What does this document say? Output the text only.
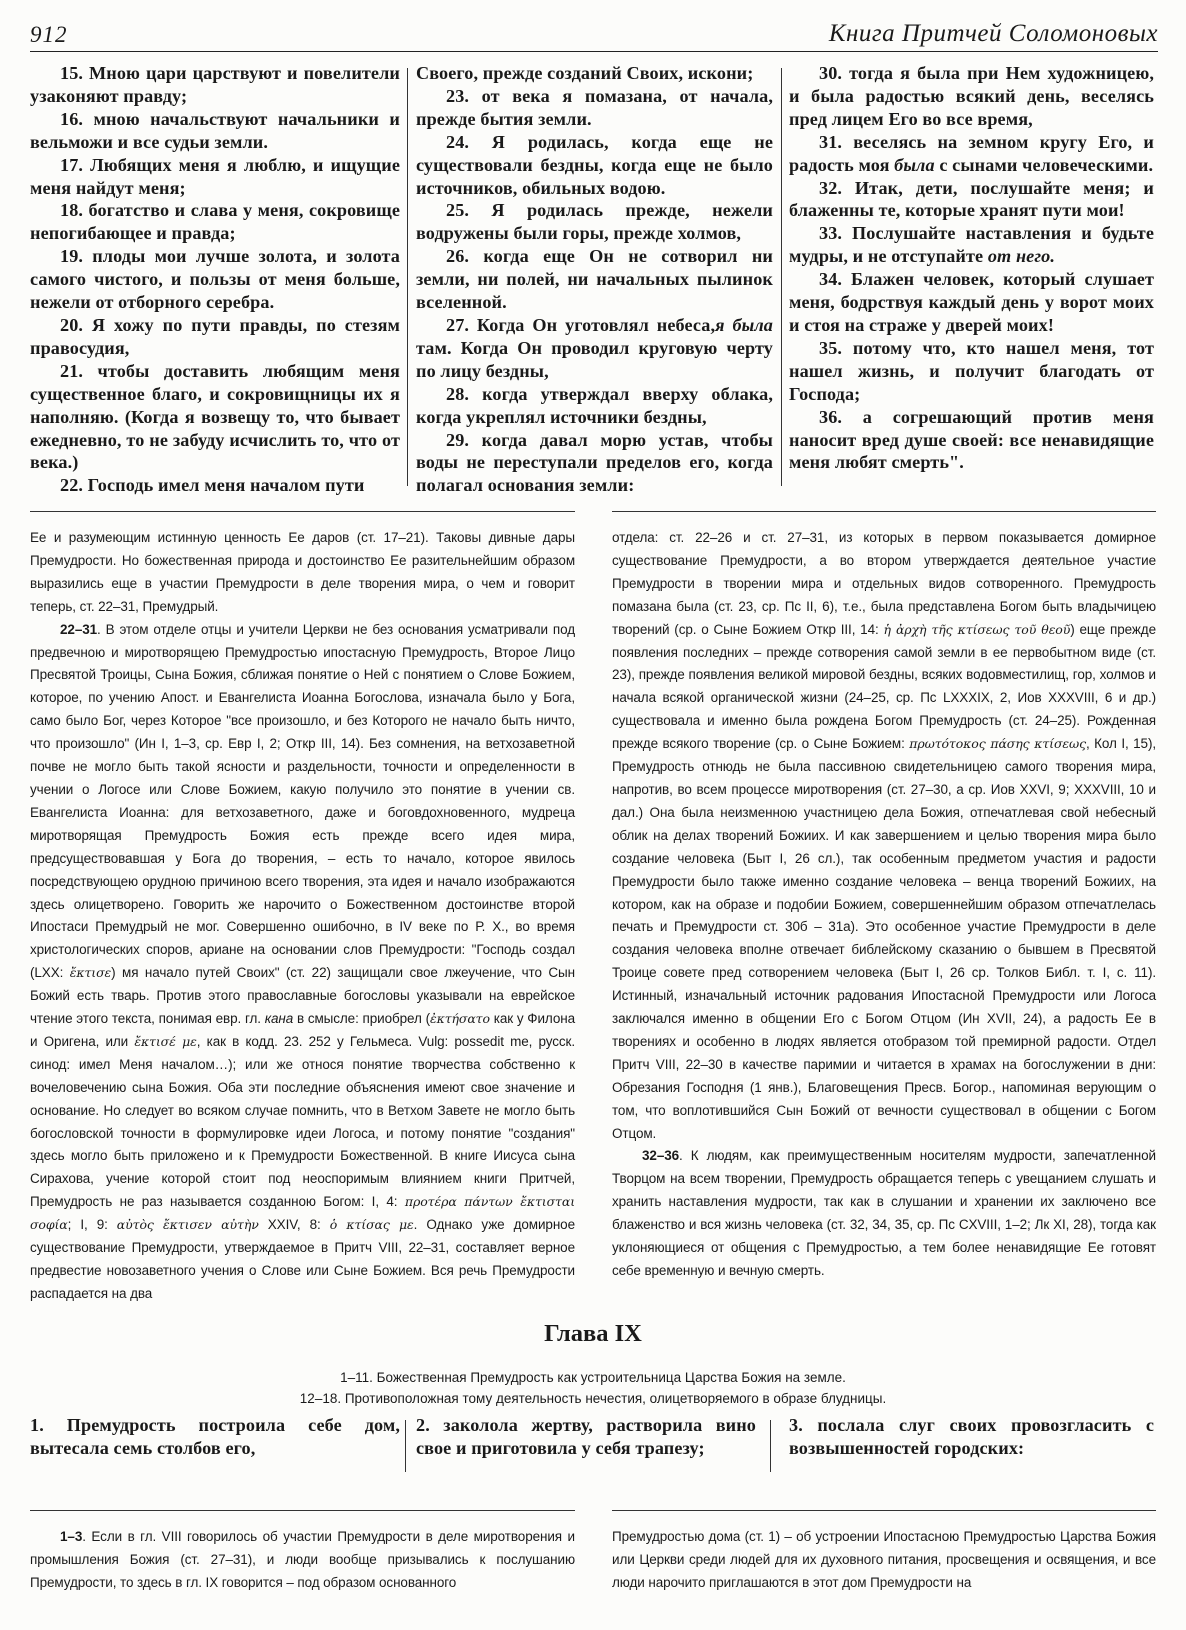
912	Книга Притчей Соломоновых

15. Мною цари царствуют и повелители узаконяют правду;

16. мною начальствуют начальники и вельможи и все судьи земли.

17. Любящих меня я люблю, и ищущие меня найдут меня;

18. богатство и слава у меня, сокровище непогибающее и правда;

19. плоды мои лучше золота, и золота самого чистого, и пользы от меня больше, нежели от отборного серебра.

20. Я хожу по пути правды, по стезям правосудия,

21. чтобы доставить любящим меня существенное благо, и сокровищницы их я наполняю. (Когда я возвещу то, что бывает ежедневно, то не забуду исчислить то, что от века.)

22. Господь имел меня началом пути

Своего, прежде созданий Своих, искони;

23. от века я помазана, от начала, прежде бытия земли.

24. Я родилась, когда еще не существовали бездны, когда еще не было источников, обильных водою.

25. Я родилась прежде, нежели водружены были горы, прежде холмов,

26. когда еще Он не сотворил ни земли, ни полей, ни начальных пылинок вселенной.

27. Когда Он уготовлял небеса,я была там. Когда Он проводил круговую черту по лицу бездны,

28. когда утверждал вверху облака, когда укреплял источники бездны,

29. когда давал морю устав, чтобы воды не переступали пределов его, когда полагал основания земли:

30. тогда я была при Нем художницею, и была радостью всякий день, веселясь пред лицем Его во все время,

31. веселясь на земном кругу Его, и радость моя была с сынами человеческими.

32. Итак, дети, послушайте меня; и блаженны те, которые хранят пути мои!

33. Послушайте наставления и будьте мудры, и не отступайте от него.

34. Блажен человек, который слушает меня, бодрствуя каждый день у ворот моих и стоя на страже у дверей моих!

35. потому что, кто нашел меня, тот нашел жизнь, и получит благодать от Господа;

36. а согрешающий против меня наносит вред душе своей: все ненавидящие меня любят смерть".

Ее и разумеющим истинную ценность Ее даров (ст. 17–21). Таковы дивные дары Премудрости. Но божественная природа и достоинство Ее разительнейшим образом выразились еще в участии Премудрости в деле творения мира, о чем и говорит теперь, ст. 22–31, Премудрый.

22–31. В этом отделе отцы и учители Церкви не без основания усматривали под предвечною и миротворящею Премудростью ипостасную Премудрость, Второе Лицо Пресвятой Троицы, Сына Божия, сближая понятие о Ней с понятием о Слове Божием, которое, по учению Апост. и Евангелиста Иоанна Богослова, изначала было у Бога, само было Бог, через Которое "все произошло, и без Которого не начало быть ничто, что произошло" (Ин I, 1–3, ср. Евр I, 2; Откр III, 14). Без сомнения, на ветхозаветной почве не могло быть такой ясности и раздельности, точности и определенности в учении о Логосе или Слове Божием, какую получило это понятие в учении св. Евангелиста Иоанна: для ветхозаветного, даже и боговдохновенного, мудреца миротворящая Премудрость Божия есть прежде всего идея мира, предсуществовавшая у Бога до творения, – есть то начало, которое явилось посредствующею орудною причиною всего творения, эта идея и начало изображаются здесь олицетворено. Говорить же нарочито о Божественном достоинстве второй Ипостаси Премудрый не мог. Совершенно ошибочно, в IV веке по Р. Х., во время христологических споров, ариане на основании слов Премудрости: "Господь создал (LXX: ἔκτισε) мя начало путей Своих" (ст. 22) защищали свое лжеучение, что Сын Божий есть тварь. Против этого православные богословы указывали на еврейское чтение этого текста, понимая евр. гл. кана в смысле: приобрел (ἐκτήσατο как у Филона и Оригена, или ἔκτισέ με, как в кодд. 23. 252 у Гельмеса. Vulg: possedit me, русск. синод: имел Меня началом…); или же относя понятие творчества собственно к вочеловечению сына Божия. Оба эти последние объяснения имеют свое значение и основание. Но следует во всяком случае помнить, что в Ветхом Завете не могло быть богословской точности в формулировке идеи Логоса, и потому понятие "создания" здесь могло быть приложено и к Премудрости Божественной. В книге Иисуса сына Сирахова, учение которой стоит под неоспоримым влиянием книги Притчей, Премудрость не раз называется созданною Богом: I, 4: προτέρα πάντων ἔκτισται σοφία; I, 9: αὐτὸς ἔκτισεν αὐτὴν XXIV, 8: ὁ κτίσας με. Однако уже домирное существование Премудрости, утверждаемое в Притч VIII, 22–31, составляет верное предвестие новозаветного учения о Слове или Сыне Божием. Вся речь Премудрости распадается на два

отдела: ст. 22–26 и ст. 27–31, из которых в первом показывается домирное существование Премудрости, а во втором утверждается деятельное участие Премудрости в творении мира и отдельных видов сотворенного. Премудрость помазана была (ст. 23, ср. Пс II, 6), т.е., была представлена Богом быть владычицею творений (ср. о Сыне Божием Откр III, 14: ἡ ἀρχὴ τῆς κτίσεως τοῦ θεοῦ) еще прежде появления последних – прежде сотворения самой земли в ее первобытном виде (ст. 23), прежде появления великой мировой бездны, всяких водовместилищ, гор, холмов и начала всякой органической жизни (24–25, ср. Пс LXXXIX, 2, Иов XXXVIII, 6 и др.) существовала и именно была рождена Богом Премудрость (ст. 24–25). Рожденная прежде всякого творение (ср. о Сыне Божием: πρωτότοκος πάσης κτίσεως, Кол I, 15), Премудрость отнюдь не была пассивною свидетельницею самого творения мира, напротив, во всем процессе миротворения (ст. 27–30, а ср. Иов XXVI, 9; XXXVIII, 10 и дал.) Она была неизменною участницею дела Божия, отпечатлевая свой небесный облик на делах творений Божиих. И как завершением и целью творения мира было создание человека (Быт I, 26 сл.), так особенным предметом участия и радости Премудрости было также именно создание человека – венца творений Божиих, на котором, как на образе и подобии Божием, совершеннейшим образом отпечатлелась печать и Премудрости ст. 30б – 31а). Это особенное участие Премудрости в деле создания человека вполне отвечает библейскому сказанию о бывшем в Пресвятой Троице совете пред сотворением человека (Быт I, 26 ср. Толков Библ. т. I, с. 11). Истинный, изначальный источник радования Ипостасной Премудрости или Логоса заключался именно в общении Его с Богом Отцом (Ин XVII, 24), а радость Ее в творениях и особенно в людях является отобразом той премирной радости. Отдел Притч VIII, 22–30 в качестве паримии и читается в храмах на богослужении в дни: Обрезания Господня (1 янв.), Благовещения Пресв. Богор., напоминая верующим о том, что воплотившийся Сын Божий от вечности существовал в общении с Богом Отцом.

32–36. К людям, как преимущественным носителям мудрости, запечатленной Творцом на всем творении, Премудрость обращается теперь с увещанием слушать и хранить наставления мудрости, так как в слушании и хранении их заключено все блаженство и вся жизнь человека (ст. 32, 34, 35, ср. Пс CXVIII, 1–2; Лк XI, 28), тогда как уклоняющиеся от общения с Премудростью, а тем более ненавидящие Ее готовят себе временную и вечную смерть.

Глава IX
1–11. Божественная Премудрость как устроительница Царства Божия на земле.
12–18. Противоположная тому деятельность нечестия, олицетворяемого в образе блудницы.

1. Премудрость построила себе дом, вытесала семь столбов его,

2. заколола жертву, растворила вино свое и приготовила у себя трапезу;

3. послала слуг своих провозгласить с возвышенностей городских:

1–3. Если в гл. VIII говорилось об участии Премудрости в деле миротворения и промышления Божия (ст. 27–31), и люди вообще призывались к послушанию Премудрости, то здесь в гл. IX говорится – под образом основанного

Премудростью дома (ст. 1) – об устроении Ипостасною Премудростью Царства Божия или Церкви среди людей для их духовного питания, просвещения и освящения, и все люди нарочито приглашаются в этот дом Премудрости на
